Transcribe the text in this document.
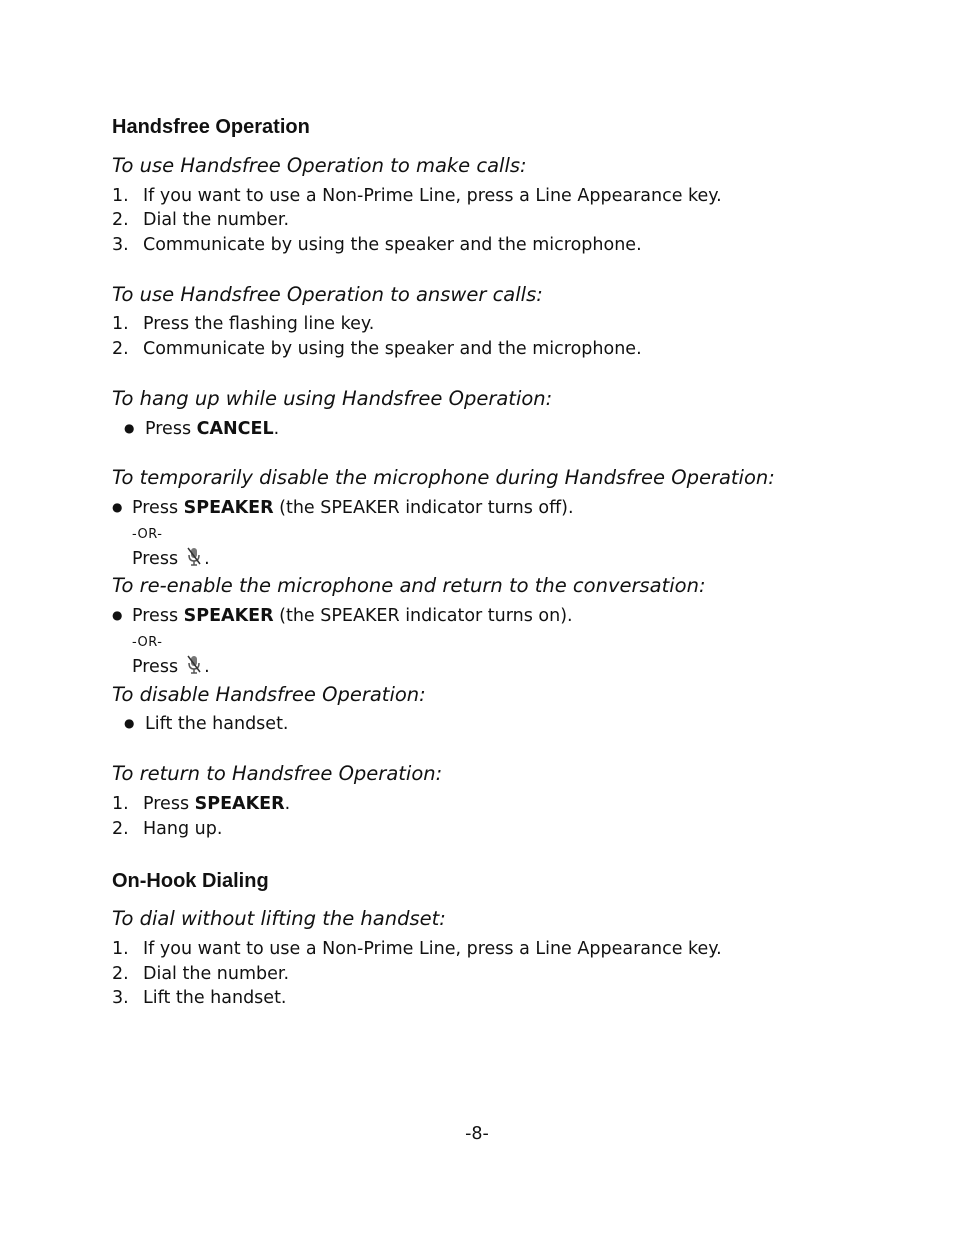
Handsfree Operation

To use Handsfree Operation to make calls:

1. If you want to use a Non-Prime Line, press a Line Appearance key.
2. Dial the number.
3. Communicate by using the speaker and the microphone.

To use Handsfree Operation to answer calls:

1. Press the flashing line key.
2. Communicate by using the speaker and the microphone.

To hang up while using Handsfree Operation:

● Press CANCEL.

To temporarily disable the microphone during Handsfree Operation:

● Press SPEAKER (the SPEAKER indicator turns off).
-OR-
Press .

To re-enable the microphone and return to the conversation:

● Press SPEAKER (the SPEAKER indicator turns on).
-OR-
Press .

To disable Handsfree Operation:

● Lift the handset.

To return to Handsfree Operation:

1. Press SPEAKER.
2. Hang up.
On-Hook Dialing

To dial without lifting the handset:

1. If you want to use a Non-Prime Line, press a Line Appearance key.
2. Dial the number.
3. Lift the handset.
-8-
